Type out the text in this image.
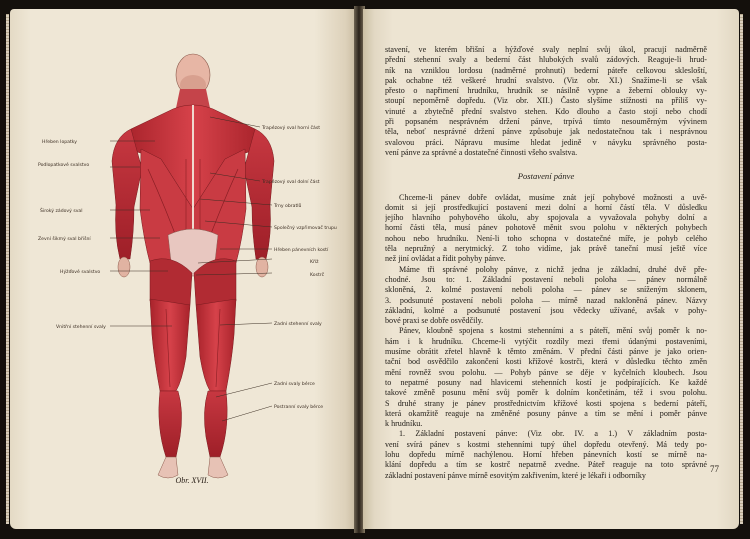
Hřeben lopatky
Podlopatkové svalstvo
Široký zádový sval
Zevní šikmý sval břišní
Hýžďové svalstvo
Vnitřní stehenní svaly
Trapézový sval horní část
Trapézový sval dolní část
Trny obratlů
Společný vzpřimovač trupu
Hřeben pánevních kostí
Kříž
Kostrč
Zadní stehenní svaly
Zadní svaly bérce
Postranní svaly bérce
Obr. XVII.
stavení, ve kterém břišní a hýžďové svaly neplní svůj úkol, pracují nadměrně
přední stehenní svaly a bederní část hlubokých svalů zádových. Reaguje-li hrud-
ník na vzniklou lordosu (nadměrné prohnutí) bederní páteře celkovou sklesloští,
pak ochabne též veškeré hrudní svalstvo. (Viz obr. XI.) Snažíme-li se však
přesto o napřimení hrudníku, hrudník se násilně vypne a žeberní oblouky vy-
stoupí nepoměrně dopředu. (Viz obr. XII.) Často slyšíme stížnosti na příliš vy-
vinuté a zbytečně přední svalstvo stehen. Kdo dlouho a často stojí nebo chodí
při popsaném nesprávném držení pánve, trpívá tímto nesouměrným vývinem
těla, neboť nesprávné držení pánve způsobuje jak nedostatečnou tak i nesprávnou
svalovou práci. Nápravu musíme hledat jedině v návyku správného posta-
vení pánve za správné a dostatečné činnosti všeho svalstva.
Postavení pánve
Chceme-li pánev dobře ovládat, musíme znát její pohybové možnosti a uvě-
domit si její prostředkující postavení mezi dolní a horní částí těla. V důsledku
jejího hlavního pohybového úkolu, aby spojovala a vyvažovala pohyby dolní a
horní části těla, musí pánev pohotově měnit svou polohu v některých pohybech
nohou nebo hrudníku. Není-li toho schopna v dostatečné míře, je pohyb celého
těla nepružný a nerytmický. Z toho vidíme, jak právě taneční musí ještě více
než jiní ovládat a řídit pohyby pánve.
Máme tři správné polohy pánve, z nichž jedna je základní, druhé dvě pře-
chodné. Jsou to: 1. Základní postavení neboli poloha — pánev normálně
skloněná, 2. kolmé postavení neboli poloha — pánev se sníženým sklonem,
3. podsunuté postavení neboli poloha — mírně nazad nakloněná pánev. Názvy
základní, kolmé a podsunuté postavení jsou vědecky užívané, avšak v pohy-
bové praxi se dobře osvědčily.
Pánev, kloubně spojena s kostmi stehenními a s páteří, mění svůj poměr k no-
hám i k hrudníku. Chceme-li vytýčit rozdíly mezi třemi údanými postaveními,
musíme obrátit zřetel hlavně k těmto změnám. V přední části pánve je jako orien-
tační bod osvědčilo zakončení kosti křížové kostrči, která v důsledku těchto změn
mění rovněž svou polohu. — Pohyb pánve se děje v kyčelních kloubech. Jsou
to nepatrné posuny nad hlavicemi stehenních kostí je podpírajících. Ke každé
takové změně posunu mění svůj poměr k dolním končetinám, též i svou polohu.
S druhé strany je pánev prostřednictvím křížové kosti spojena s bederní páteří,
která okamžitě reaguje na změněné posuny pánve a tím se mění i poměr pánve
k hrudníku.
1. Základní postavení pánve: (Viz obr. IV. a 1.) V základním posta-
vení svírá pánev s kostmi stehenními tupý úhel dopředu otevřený. Má tedy po-
lohu dopředu mírně nachýlenou. Horní hřeben pánevních kostí se mírně na-
klání dopředu a tím se kostrč nepatrně zvedne. Páteř reaguje na toto správné
základní postavení pánve mírně esovitým zakřivením, které je lékaři i odborníky
77
